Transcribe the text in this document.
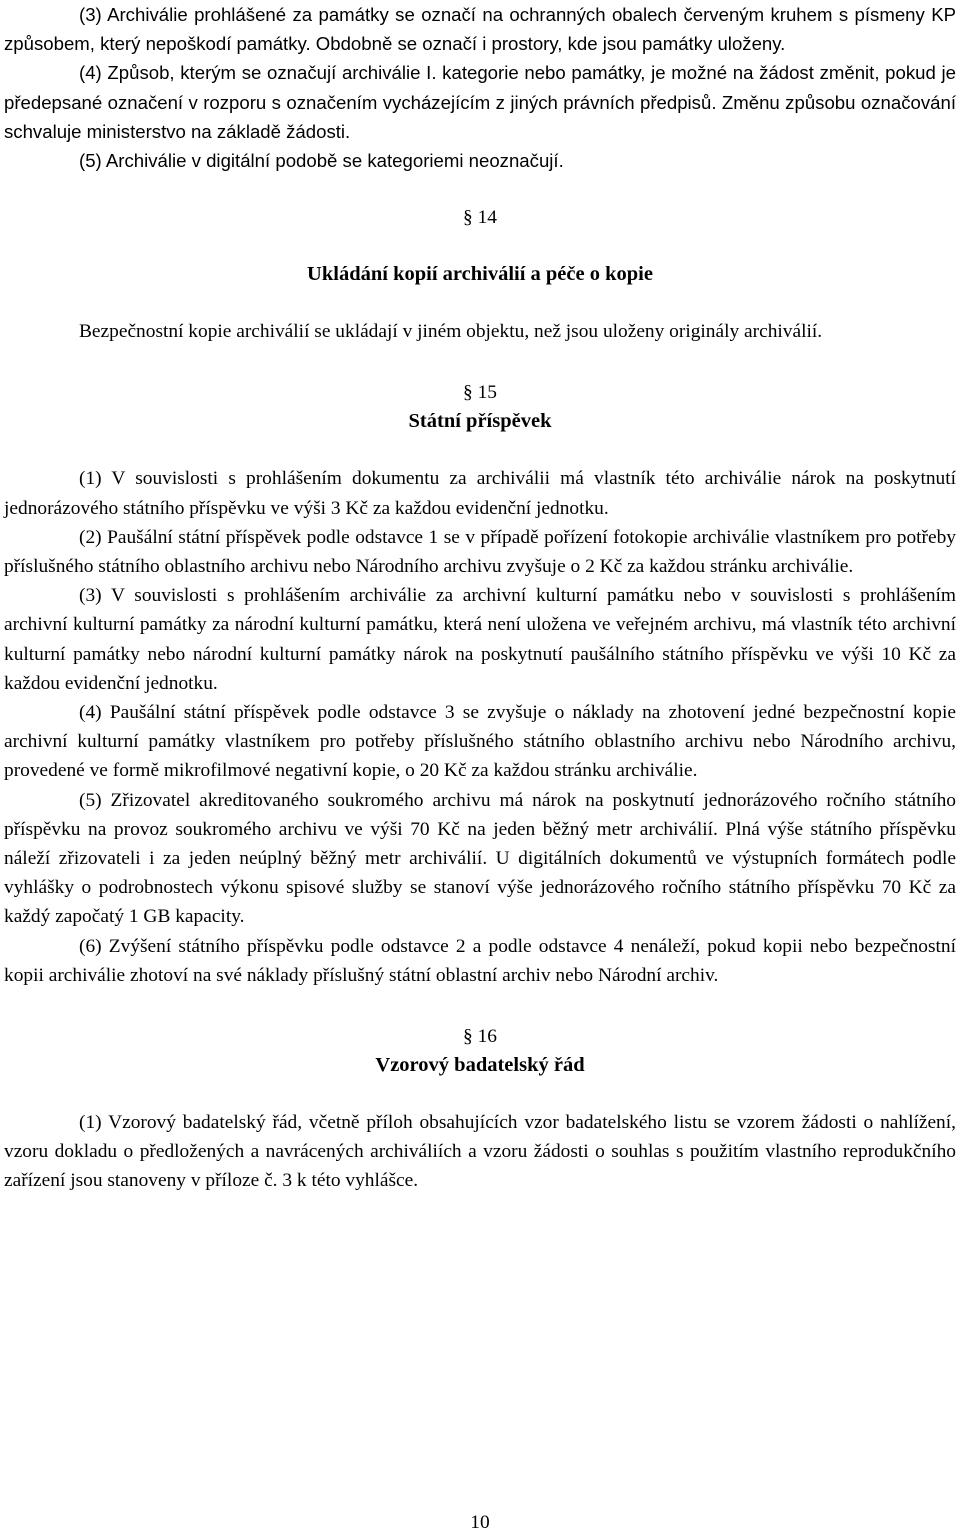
(3) Archiválie prohlášené za památky se označí na ochranných obalech červeným kruhem s písmeny KP způsobem, který nepoškodí památky. Obdobně se označí i prostory, kde jsou památky uloženy.

(4) Způsob, kterým se označují archiválie I. kategorie nebo památky, je možné na žádost změnit, pokud je předepsané označení v rozporu s označením vycházejícím z jiných právních předpisů. Změnu způsobu označování schvaluje ministerstvo na základě žádosti.

(5) Archiválie v digitální podobě se kategoriemi neoznačují.

§ 14

Ukládání kopií archiválií a péče o kopie

Bezpečnostní kopie archiválií se ukládají v jiném objektu, než jsou uloženy originály archiválií.

§ 15

Státní příspěvek

(1) V souvislosti s prohlášením dokumentu za archiválii má vlastník této archiválie nárok na poskytnutí jednorázového státního příspěvku ve výši 3 Kč za každou evidenční jednotku.

(2) Paušální státní příspěvek podle odstavce 1 se v případě pořízení fotokopie archiválie vlastníkem pro potřeby příslušného státního oblastního archivu nebo Národního archivu zvyšuje o 2 Kč za každou stránku archiválie.

(3) V souvislosti s prohlášením archiválie za archivní kulturní památku nebo v souvislosti s prohlášením archivní kulturní památky za národní kulturní památku, která není uložena ve veřejném archivu, má vlastník této archivní kulturní památky nebo národní kulturní památky nárok na poskytnutí paušálního státního příspěvku ve výši 10 Kč za každou evidenční jednotku.

(4) Paušální státní příspěvek podle odstavce 3 se zvyšuje o náklady na zhotovení jedné bezpečnostní kopie archivní kulturní památky vlastníkem pro potřeby příslušného státního oblastního archivu nebo Národního archivu, provedené ve formě mikrofilmové negativní kopie, o 20 Kč za každou stránku archiválie.

(5) Zřizovatel akreditovaného soukromého archivu má nárok na poskytnutí jednorázového ročního státního příspěvku na provoz soukromého archivu ve výši 70 Kč na jeden běžný metr archiválií. Plná výše státního příspěvku náleží zřizovateli i za jeden neúplný běžný metr archiválií. U digitálních dokumentů ve výstupních formátech podle vyhlášky o podrobnostech výkonu spisové služby se stanoví výše jednorázového ročního státního příspěvku 70 Kč za každý započatý 1 GB kapacity.

(6) Zvýšení státního příspěvku podle odstavce 2 a podle odstavce 4 nenáleží, pokud kopii nebo bezpečnostní kopii archiválie zhotoví na své náklady příslušný státní oblastní archiv nebo Národní archiv.

§ 16

Vzorový badatelský řád

(1) Vzorový badatelský řád, včetně příloh obsahujících vzor badatelského listu se vzorem žádosti o nahlížení, vzoru dokladu o předložených a navrácených archiváliích a vzoru žádosti o souhlas s použitím vlastního reprodukčního zařízení jsou stanoveny v příloze č. 3 k této vyhlášce.

10
